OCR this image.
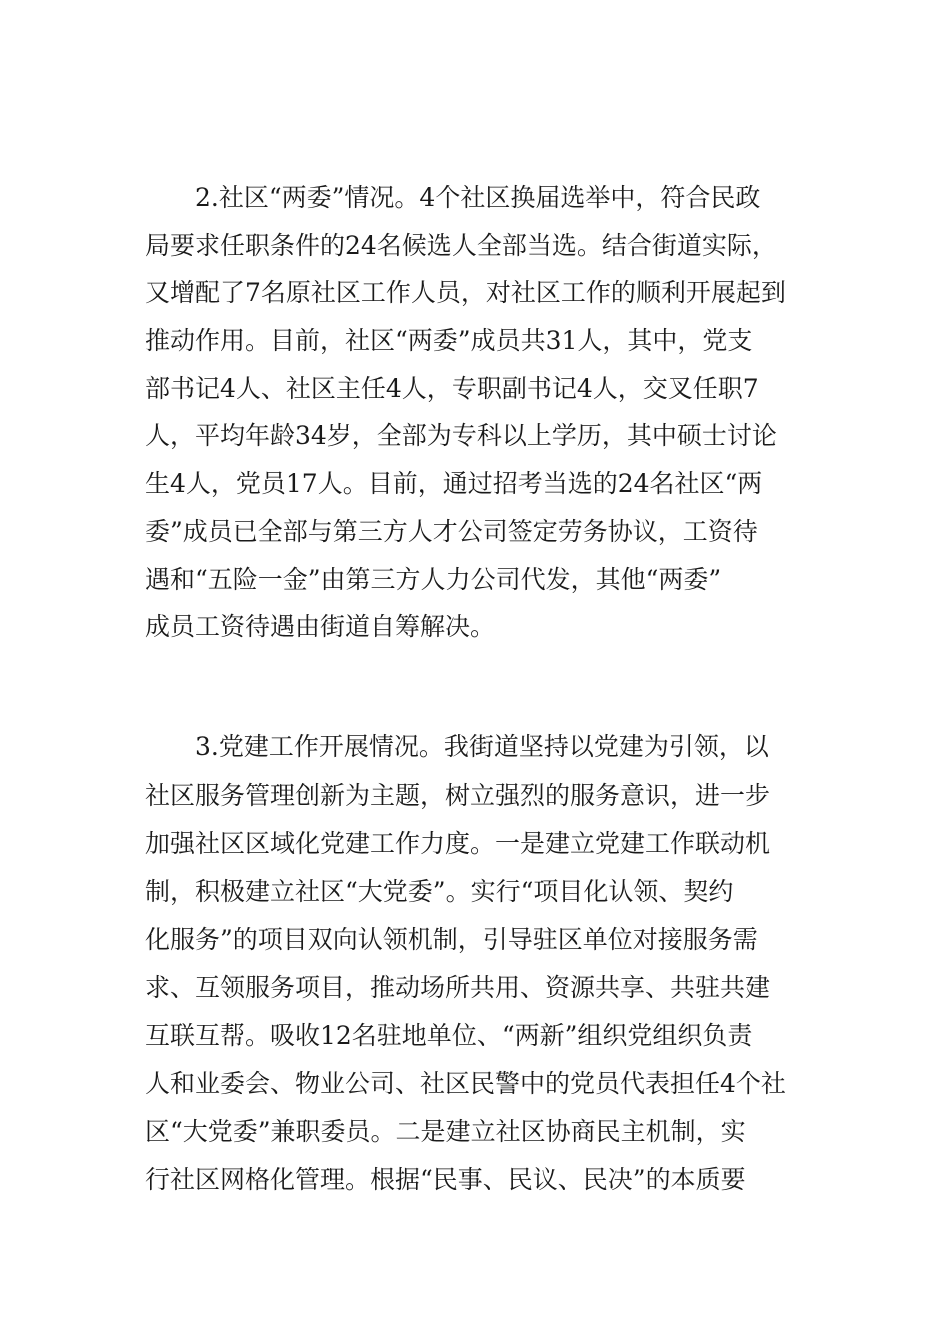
2.社区“两委”情况。4个社区换届选举中，符合民政
局要求任职条件的24名候选人全部当选。结合街道实际，
又增配了7名原社区工作人员，对社区工作的顺利开展起到
推动作用。目前，社区“两委”成员共31人，其中，党支
部书记4人、社区主任4人，专职副书记4人，交叉任职7
人，平均年龄34岁，全部为专科以上学历，其中硕士讨论
生4人，党员17人。目前，通过招考当选的24名社区“两
委”成员已全部与第三方人才公司签定劳务协议，工资待
遇和“五险一金”由第三方人力公司代发，其他“两委”
成员工资待遇由街道自筹解决。
3.党建工作开展情况。我街道坚持以党建为引领，以
社区服务管理创新为主题，树立强烈的服务意识，进一步
加强社区区域化党建工作力度。一是建立党建工作联动机
制，积极建立社区“大党委”。实行“项目化认领、契约
化服务”的项目双向认领机制，引导驻区单位对接服务需
求、互领服务项目，推动场所共用、资源共享、共驻共建
互联互帮。吸收12名驻地单位、“两新”组织党组织负责
人和业委会、物业公司、社区民警中的党员代表担任4个社
区“大党委”兼职委员。二是建立社区协商民主机制，实
行社区网格化管理。根据“民事、民议、民决”的本质要
